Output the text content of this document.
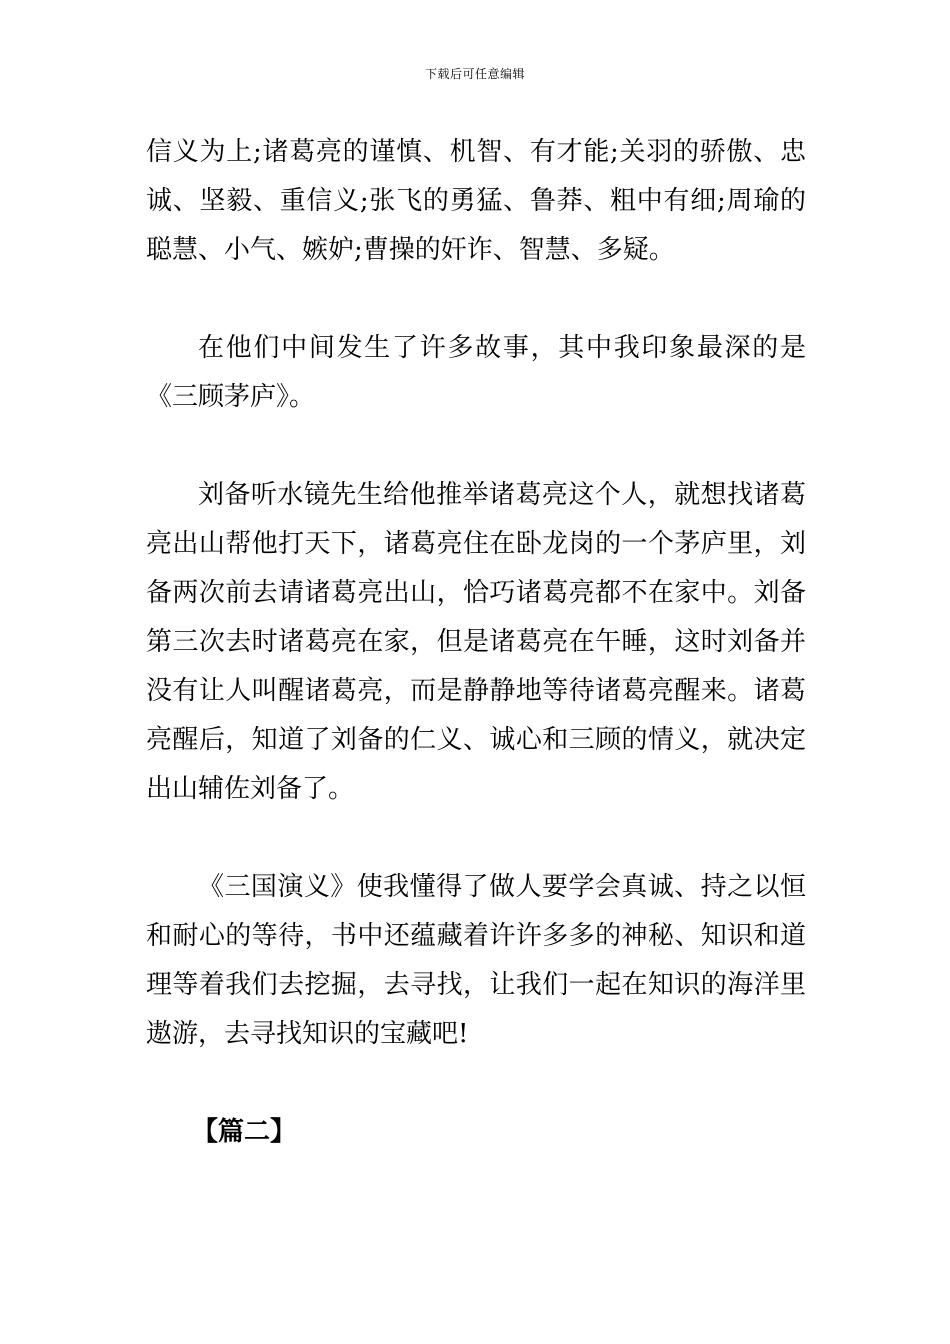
下载后可任意编辑

信义为上;诸葛亮的谨慎、机智、有才能;关羽的骄傲、忠诚、坚毅、重信义;张飞的勇猛、鲁莽、粗中有细;周瑜的聪慧、小气、嫉妒;曹操的奸诈、智慧、多疑。

在他们中间发生了许多故事，其中我印象最深的是《三顾茅庐》。

刘备听水镜先生给他推举诸葛亮这个人，就想找诸葛亮出山帮他打天下，诸葛亮住在卧龙岗的一个茅庐里，刘备两次前去请诸葛亮出山，恰巧诸葛亮都不在家中。刘备第三次去时诸葛亮在家，但是诸葛亮在午睡，这时刘备并没有让人叫醒诸葛亮，而是静静地等待诸葛亮醒来。诸葛亮醒后，知道了刘备的仁义、诚心和三顾的情义，就决定出山辅佐刘备了。

《三国演义》使我懂得了做人要学会真诚、持之以恒和耐心的等待，书中还蕴藏着许许多多的神秘、知识和道理等着我们去挖掘，去寻找，让我们一起在知识的海洋里遨游，去寻找知识的宝藏吧!

【篇二】
